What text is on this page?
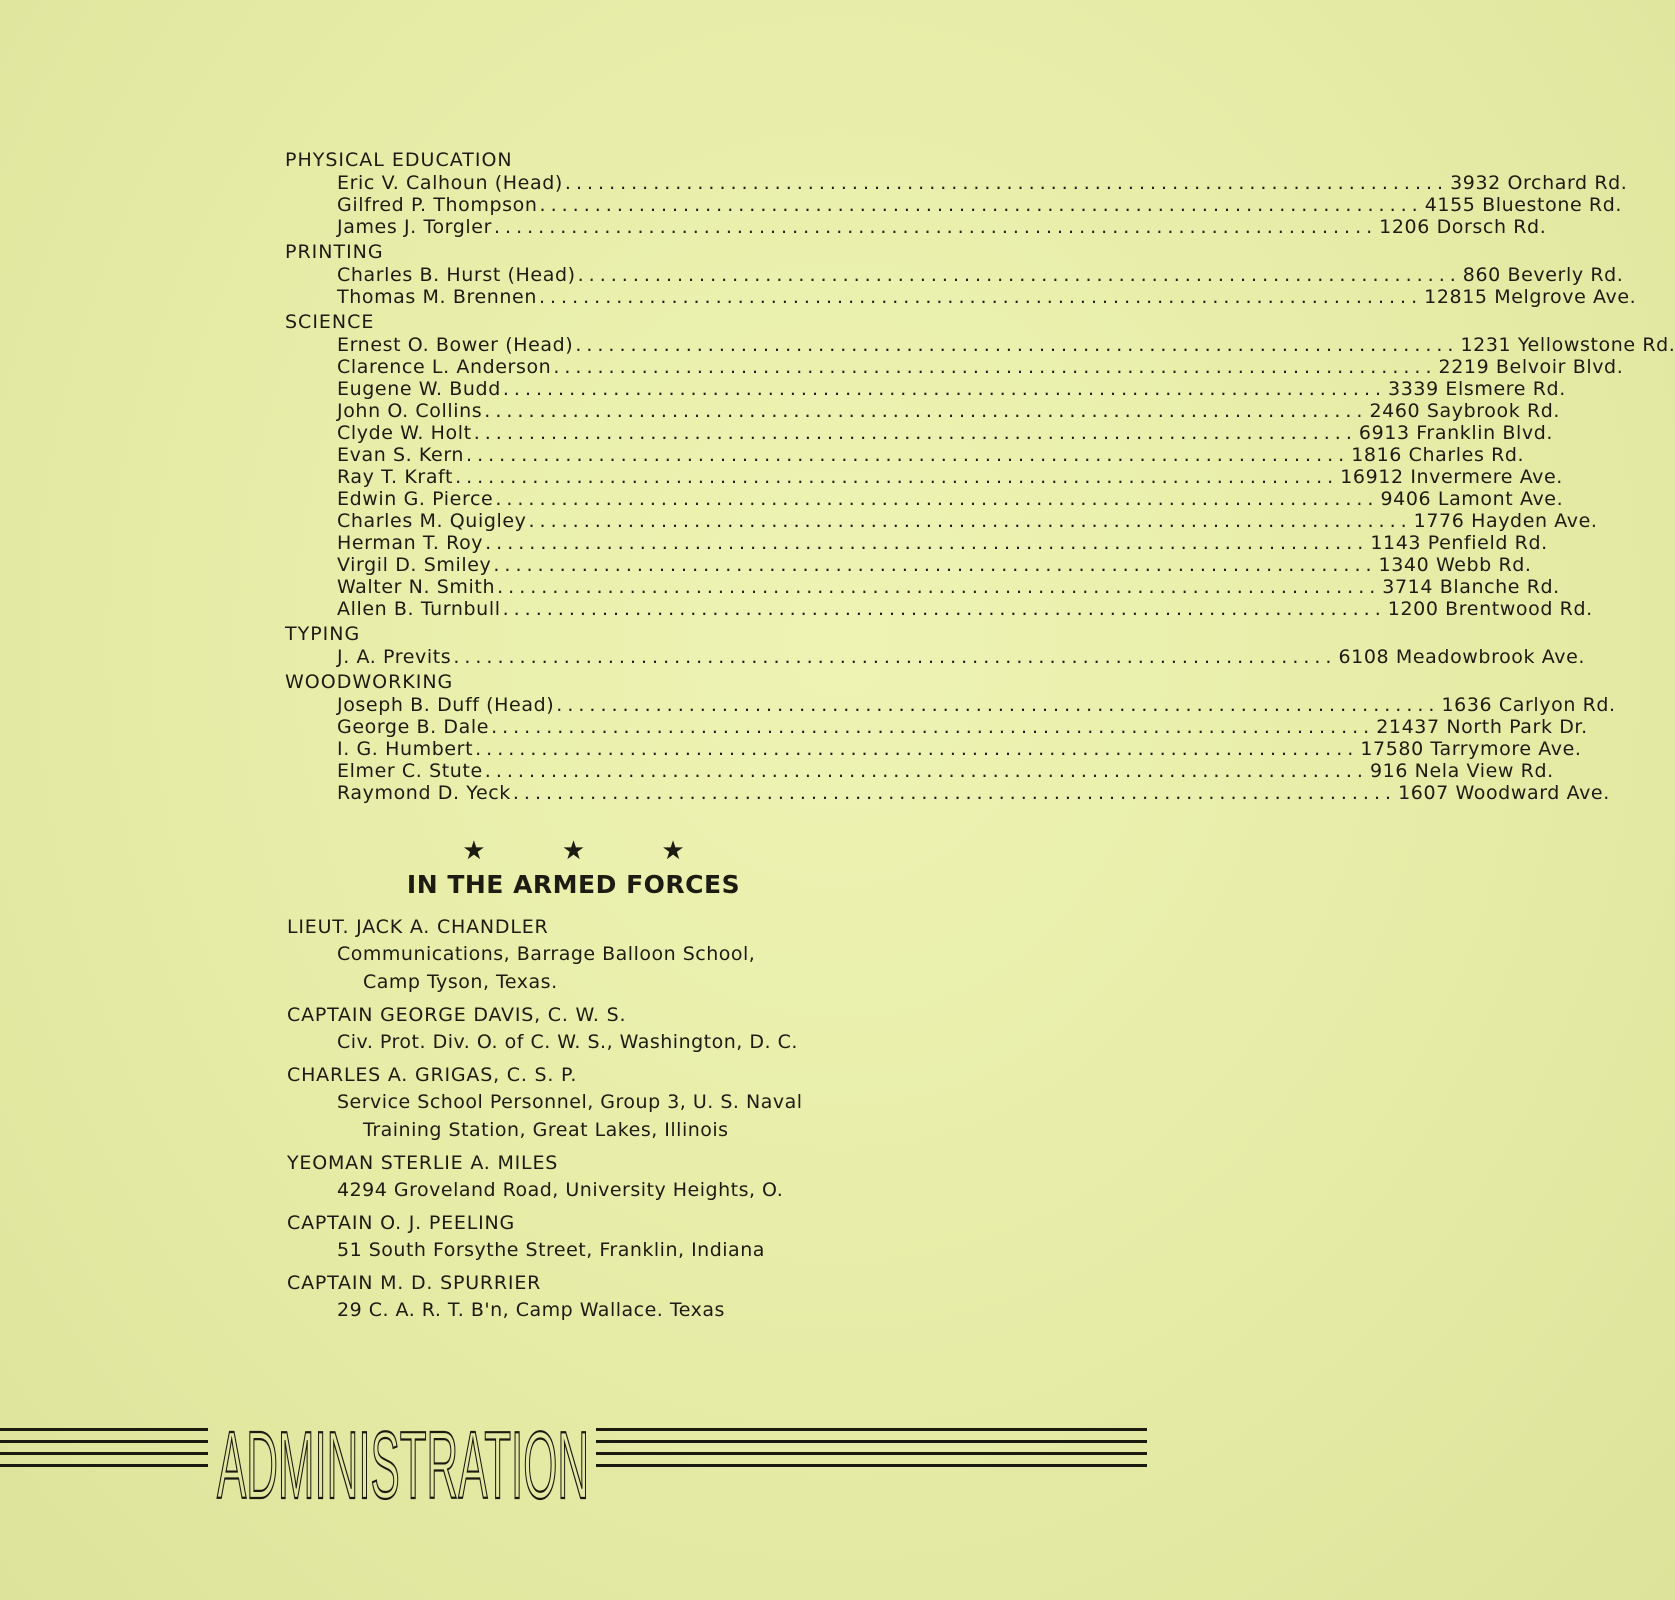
PHYSICAL EDUCATION
Eric V. Calhoun (Head) .....	3932 Orchard Rd.
Gilfred P. Thompson .....	4155 Bluestone Rd.
James J. Torgler .....	1206 Dorsch Rd.
PRINTING
Charles B. Hurst (Head) .....	860 Beverly Rd.
Thomas M. Brennen .....	12815 Melgrove Ave.
SCIENCE
Ernest O. Bower (Head) .....	1231 Yellowstone Rd.
Clarence L. Anderson .....	2219 Belvoir Blvd.
Eugene W. Budd .....	3339 Elsmere Rd.
John O. Collins .....	2460 Saybrook Rd.
Clyde W. Holt .....	6913 Franklin Blvd.
Evan S. Kern .....	1816 Charles Rd.
Ray T. Kraft .....	16912 Invermere Ave.
Edwin G. Pierce .....	9406 Lamont Ave.
Charles M. Quigley .....	1776 Hayden Ave.
Herman T. Roy .....	1143 Penfield Rd.
Virgil D. Smiley .....	1340 Webb Rd.
Walter N. Smith .....	3714 Blanche Rd.
Allen B. Turnbull .....	1200 Brentwood Rd.
TYPING
J. A. Previts .....	6108 Meadowbrook Ave.
WOODWORKING
Joseph B. Duff (Head) .....	1636 Carlyon Rd.
George B. Dale .....	21437 North Park Dr.
I. G. Humbert .....	17580 Tarrymore Ave.
Elmer C. Stute .....	916 Nela View Rd.
Raymond D. Yeck .....	1607 Woodward Ave.
★ ★ ★
IN THE ARMED FORCES
LIEUT. JACK A. CHANDLER
Communications, Barrage Balloon School,
Camp Tyson, Texas.
CAPTAIN GEORGE DAVIS, C. W. S.
Civ. Prot. Div. O. of C. W. S., Washington, D. C.
CHARLES A. GRIGAS, C. S. P.
Service School Personnel, Group 3, U. S. Naval
Training Station, Great Lakes, Illinois
YEOMAN STERLIE A. MILES
4294 Groveland Road, University Heights, O.
CAPTAIN O. J. PEELING
51 South Forsythe Street, Franklin, Indiana
CAPTAIN M. D. SPURRIER
29 C. A. R. T. B'n, Camp Wallace. Texas
ADMINISTRATION
